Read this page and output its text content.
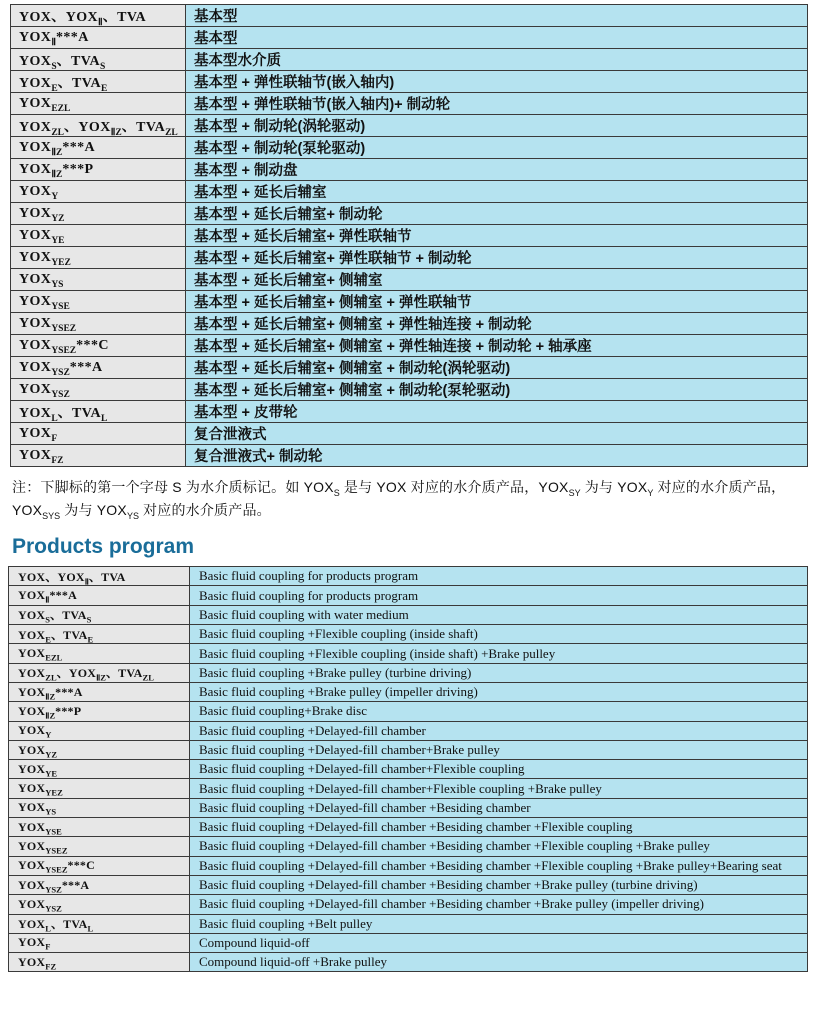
YOX、$YOX_Ⅱ$、TVA	基本型
$YOX_Ⅱ***A$	基本型
$YOX_S$、$TVA_S$	基本型水介质
$YOX_E$、$TVA_E$	基本型 + 弹性联轴节(嵌入轴内)
$YOX_{EZL}$	基本型 + 弹性联轴节(嵌入轴内)+ 制动轮
$YOX_{ZL}$、$YOX_{ⅡZ}$、$TVA_{ZL}$	基本型 + 制动轮(涡轮驱动)
$YOX_{ⅡZ}***A$	基本型 + 制动轮(泵轮驱动)
$YOX_{ⅡZ}***P$	基本型 + 制动盘
$YOX_Y$	基本型 + 延长后辅室
$YOX_{YZ}$	基本型 + 延长后辅室+ 制动轮
$YOX_{YE}$	基本型 + 延长后辅室+ 弹性联轴节
$YOX_{YEZ}$	基本型 + 延长后辅室+ 弹性联轴节 + 制动轮
$YOX_{YS}$	基本型 + 延长后辅室+ 侧辅室
$YOX_{YSE}$	基本型 + 延长后辅室+ 侧辅室 + 弹性联轴节
$YOX_{YSEZ}$	基本型 + 延长后辅室+ 侧辅室 + 弹性轴连接 + 制动轮
$YOX_{YSEZ}***C$	基本型 + 延长后辅室+ 侧辅室 + 弹性轴连接 + 制动轮 + 轴承座
$YOX_{YSZ}***A$	基本型 + 延长后辅室+ 侧辅室 + 制动轮(涡轮驱动)
$YOX_{YSZ}$	基本型 + 延长后辅室+ 侧辅室 + 制动轮(泵轮驱动)
$YOX_L$、$TVA_L$	基本型 + 皮带轮
$YOX_F$	复合泄液式
$YOX_{FZ}$	复合泄液式+ 制动轮
注：下脚标的第一个字母 S 为水介质标记。如 $YOX_S$ 是与 YOX 对应的水介质产品，$YOX_{SY}$ 为与 $YOX_Y$ 对应的水介质产品，$YOX_{SYS}$ 为与 $YOX_{YS}$ 对应的水介质产品。
Products program
YOX、$YOX_Ⅱ$、TVA	Basic fluid coupling for products program
$YOX_Ⅱ***A$	Basic fluid coupling for products program
$YOX_S$、$TVA_S$	Basic fluid coupling with water medium
$YOX_E$、$TVA_E$	Basic fluid coupling +Flexible coupling (inside shaft)
$YOX_{EZL}$	Basic fluid coupling +Flexible coupling (inside shaft) +Brake pulley
$YOX_{ZL}$、$YOX_{ⅡZ}$、$TVA_{ZL}$	Basic fluid coupling +Brake pulley (turbine driving)
$YOX_{ⅡZ}***A$	Basic fluid coupling +Brake pulley (impeller driving)
$YOX_{ⅡZ}***P$	Basic fluid coupling+Brake disc
$YOX_Y$	Basic fluid coupling +Delayed-fill chamber
$YOX_{YZ}$	Basic fluid coupling +Delayed-fill chamber+Brake pulley
$YOX_{YE}$	Basic fluid coupling +Delayed-fill chamber+Flexible coupling
$YOX_{YEZ}$	Basic fluid coupling +Delayed-fill chamber+Flexible coupling +Brake pulley
$YOX_{YS}$	Basic fluid coupling +Delayed-fill chamber +Besiding chamber
$YOX_{YSE}$	Basic fluid coupling +Delayed-fill chamber +Besiding chamber +Flexible coupling
$YOX_{YSEZ}$	Basic fluid coupling +Delayed-fill chamber +Besiding chamber +Flexible coupling +Brake pulley
$YOX_{YSEZ}***C$	Basic fluid coupling +Delayed-fill chamber +Besiding chamber +Flexible coupling +Brake pulley+Bearing seat
$YOX_{YSZ}***A$	Basic fluid coupling +Delayed-fill chamber +Besiding chamber +Brake pulley (turbine driving)
$YOX_{YSZ}$	Basic fluid coupling +Delayed-fill chamber +Besiding chamber +Brake pulley (impeller driving)
$YOX_L$、$TVA_L$	Basic fluid coupling +Belt pulley
$YOX_F$	Compound liquid-off
$YOX_{FZ}$	Compound liquid-off +Brake pulley
